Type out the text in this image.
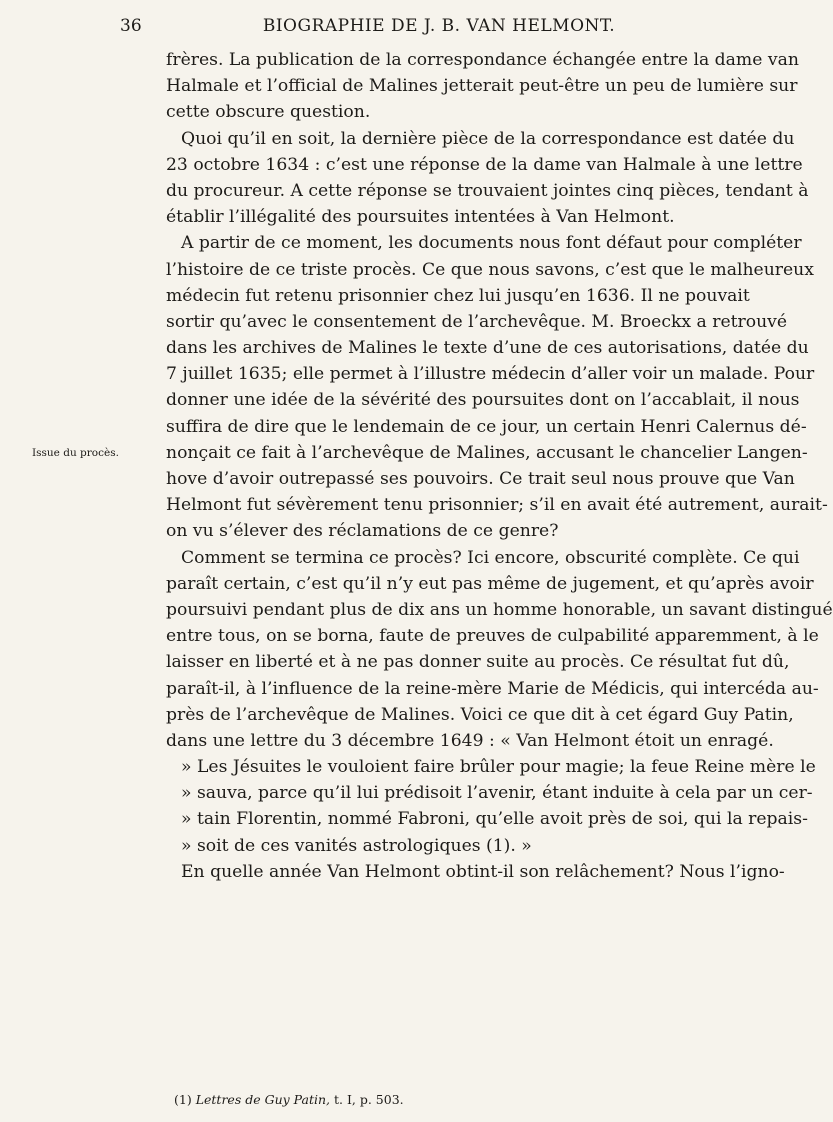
36	BIOGRAPHIE DE J. B. VAN HELMONT.
Issue du procès.
frères. La publication de la correspondance échangée entre la dame van
Halmale et l’official de Malines jetterait peut-être un peu de lumière sur
cette obscure question.
Quoi qu’il en soit, la dernière pièce de la correspondance est datée du
23 octobre 1634 : c’est une réponse de la dame van Halmale à une lettre
du procureur. A cette réponse se trouvaient jointes cinq pièces, tendant à
établir l’illégalité des poursuites intentées à Van Helmont.
A partir de ce moment, les documents nous font défaut pour compléter
l’histoire de ce triste procès. Ce que nous savons, c’est que le malheureux
médecin fut retenu prisonnier chez lui jusqu’en 1636. Il ne pouvait
sortir qu’avec le consentement de l’archevêque. M. Broeckx a retrouvé
dans les archives de Malines le texte d’une de ces autorisations, datée du
7 juillet 1635; elle permet à l’illustre médecin d’aller voir un malade. Pour
donner une idée de la sévérité des poursuites dont on l’accablait, il nous
suffira de dire que le lendemain de ce jour, un certain Henri Calernus dé-
nonçait ce fait à l’archevêque de Malines, accusant le chancelier Langen-
hove d’avoir outrepassé ses pouvoirs. Ce trait seul nous prouve que Van
Helmont fut sévèrement tenu prisonnier; s’il en avait été autrement, aurait-
on vu s’élever des réclamations de ce genre?
Comment se termina ce procès? Ici encore, obscurité complète. Ce qui
paraît certain, c’est qu’il n’y eut pas même de jugement, et qu’après avoir
poursuivi pendant plus de dix ans un homme honorable, un savant distingué
entre tous, on se borna, faute de preuves de culpabilité apparemment, à le
laisser en liberté et à ne pas donner suite au procès. Ce résultat fut dû,
paraît-il, à l’influence de la reine-mère Marie de Médicis, qui intercéda au-
près de l’archevêque de Malines. Voici ce que dit à cet égard Guy Patin,
dans une lettre du 3 décembre 1649 : « Van Helmont étoit un enragé.
» Les Jésuites le vouloient faire brûler pour magie; la feue Reine mère le
» sauva, parce qu’il lui prédisoit l’avenir, étant induite à cela par un cer-
» tain Florentin, nommé Fabroni, qu’elle avoit près de soi, qui la repais-
» soit de ces vanités astrologiques (1). »
En quelle année Van Helmont obtint-il son relâchement? Nous l’igno-
(1) Lettres de Guy Patin, t. I, p. 503.
